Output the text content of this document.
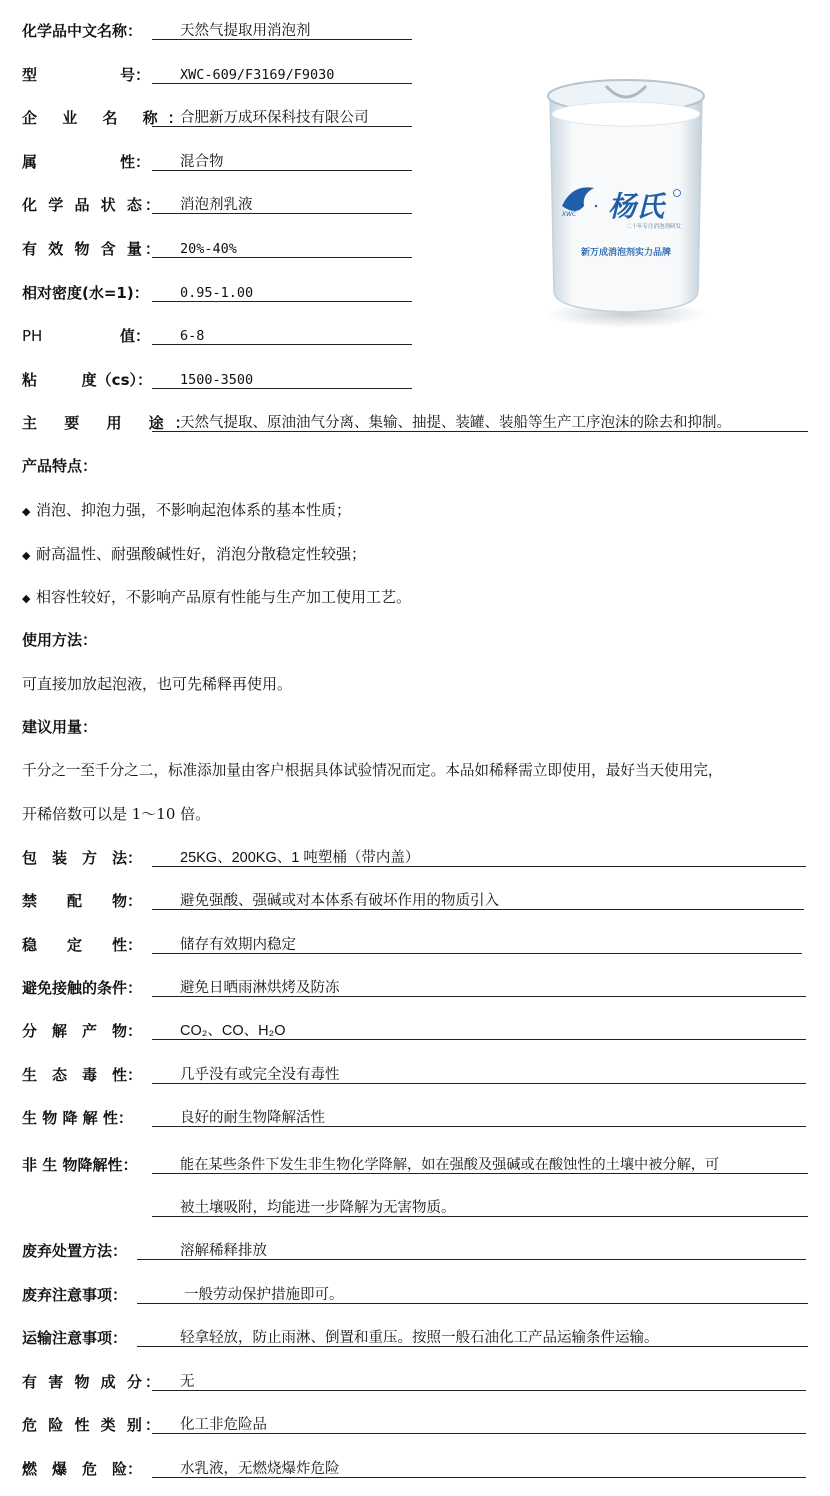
化学品中文名称：	天然气提取用消泡剂
型	号： XWC-609/F3169/F9030
企 业 名 称：
合肥新万成环保科技有限公司
属	性： 混合物
化 学 品 状 态： 消泡剂乳液
有 效 物 含 量： 20%-40%
相对密度(水=1)： 0.95-1.00
PH	值： 6-8
粘	度（cs）： 1500-3500
主 要 用 途：
天然气提取、原油油气分离、集输、抽提、装罐、装船等生产工序泡沫的除去和抑制。
XWC 杨氏
二十年专注消泡剂研发
新万成消泡剂实力品牌
产品特点：
◆ 消泡、抑泡力强，不影响起泡体系的基本性质；
◆ 耐高温性、耐强酸碱性好，消泡分散稳定性较强；
◆ 相容性较好，不影响产品原有性能与生产加工使用工艺。
使用方法：
可直接加放起泡液，也可先稀释再使用。
建议用量：
千分之一至千分之二，标准添加量由客户根据具体试验情况而定。本品如稀释需立即使用，最好当天使用完，
开稀倍数可以是 1～10 倍。
包　装　方　法：	25KG、200KG、1 吨塑桶（带内盖）
禁　　配　　物：	避免强酸、强碱或对本体系有破坏作用的物质引入
稳　　定　　性：	储存有效期内稳定
避免接触的条件：	避免日晒雨淋烘烤及防冻
分　解　产　物：	CO₂、CO、H₂O
生　态　毒　性：	几乎没有或完全没有毒性
生 物 降 解 性：	良好的耐生物降解活性
非 生 物降解性：	能在某些条件下发生非生物化学降解，如在强酸及强碱或在酸蚀性的土壤中被分解，可
被土壤吸附，均能进一步降解为无害物质。
废弃处置方法：	溶解稀释排放
废弃注意事项：	一般劳动保护措施即可。
运输注意事项：	轻拿轻放，防止雨淋、倒置和重压。按照一般石油化工产品运输条件运输。
有 害 物 成 分： 无
危 险 性 类 别： 化工非危险品
燃　爆　危　险：	水乳液，无燃烧爆炸危险
